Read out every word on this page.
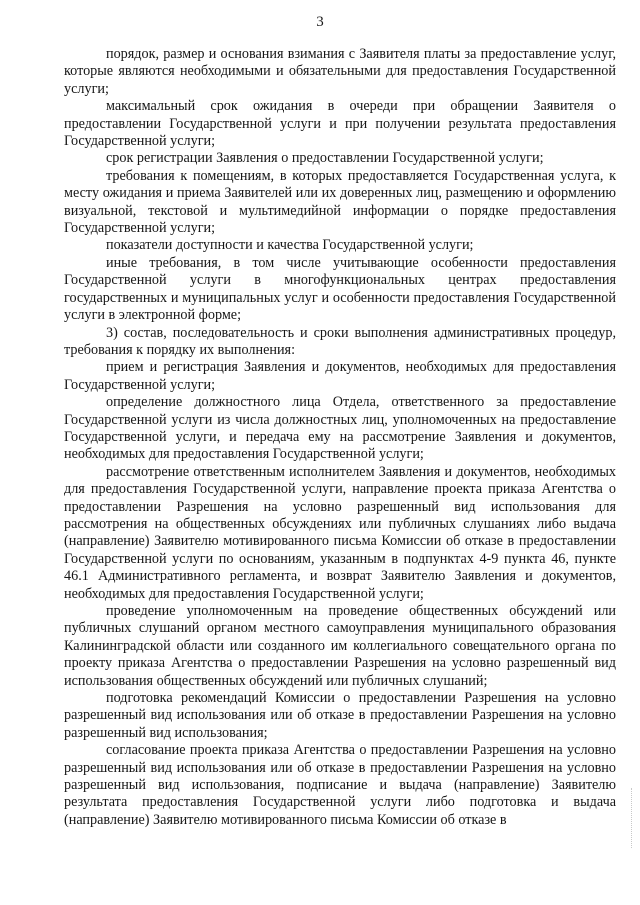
3

порядок, размер и основания взимания с Заявителя платы за предоставление услуг, которые являются необходимыми и обязательными для предоставления Государственной услуги;

максимальный срок ожидания в очереди при обращении Заявителя о предоставлении Государственной услуги и при получении результата предоставления Государственной услуги;

срок регистрации Заявления о предоставлении Государственной услуги;

требования к помещениям, в которых предоставляется Государственная услуга, к месту ожидания и приема Заявителей или их доверенных лиц, размещению и оформлению визуальной, текстовой и мультимедийной информации о порядке предоставления Государственной услуги;

показатели доступности и качества Государственной услуги;

иные требования, в том числе учитывающие особенности предоставления Государственной услуги в многофункциональных центрах предоставления государственных и муниципальных услуг и особенности предоставления Государственной услуги в электронной форме;

3) состав, последовательность и сроки выполнения административных процедур, требования к порядку их выполнения:

прием и регистрация Заявления и документов, необходимых для предоставления Государственной услуги;

определение должностного лица Отдела, ответственного за предоставление Государственной услуги из числа должностных лиц, уполномоченных на предоставление Государственной услуги, и передача ему на рассмотрение Заявления и документов, необходимых для предоставления Государственной услуги;

рассмотрение ответственным исполнителем Заявления и документов, необходимых для предоставления Государственной услуги, направление проекта приказа Агентства о предоставлении Разрешения на условно разрешенный вид использования для рассмотрения на общественных обсуждениях или публичных слушаниях либо выдача (направление) Заявителю мотивированного письма Комиссии об отказе в предоставлении Государственной услуги по основаниям, указанным в подпунктах 4-9 пункта 46, пункте 46.1 Административного регламента, и возврат Заявителю Заявления и документов, необходимых для предоставления Государственной услуги;

проведение уполномоченным на проведение общественных обсуждений или публичных слушаний органом местного самоуправления муниципального образования Калининградской области или созданного им коллегиального совещательного органа по проекту приказа Агентства о предоставлении Разрешения на условно разрешенный вид использования общественных обсуждений или публичных слушаний;

подготовка рекомендаций Комиссии о предоставлении Разрешения на условно разрешенный вид использования или об отказе в предоставлении Разрешения на условно разрешенный вид использования;

согласование проекта приказа Агентства о предоставлении Разрешения на условно разрешенный вид использования или об отказе в предоставлении Разрешения на условно разрешенный вид использования, подписание и выдача (направление) Заявителю результата предоставления Государственной услуги либо подготовка и выдача (направление) Заявителю мотивированного письма Комиссии об отказе в
